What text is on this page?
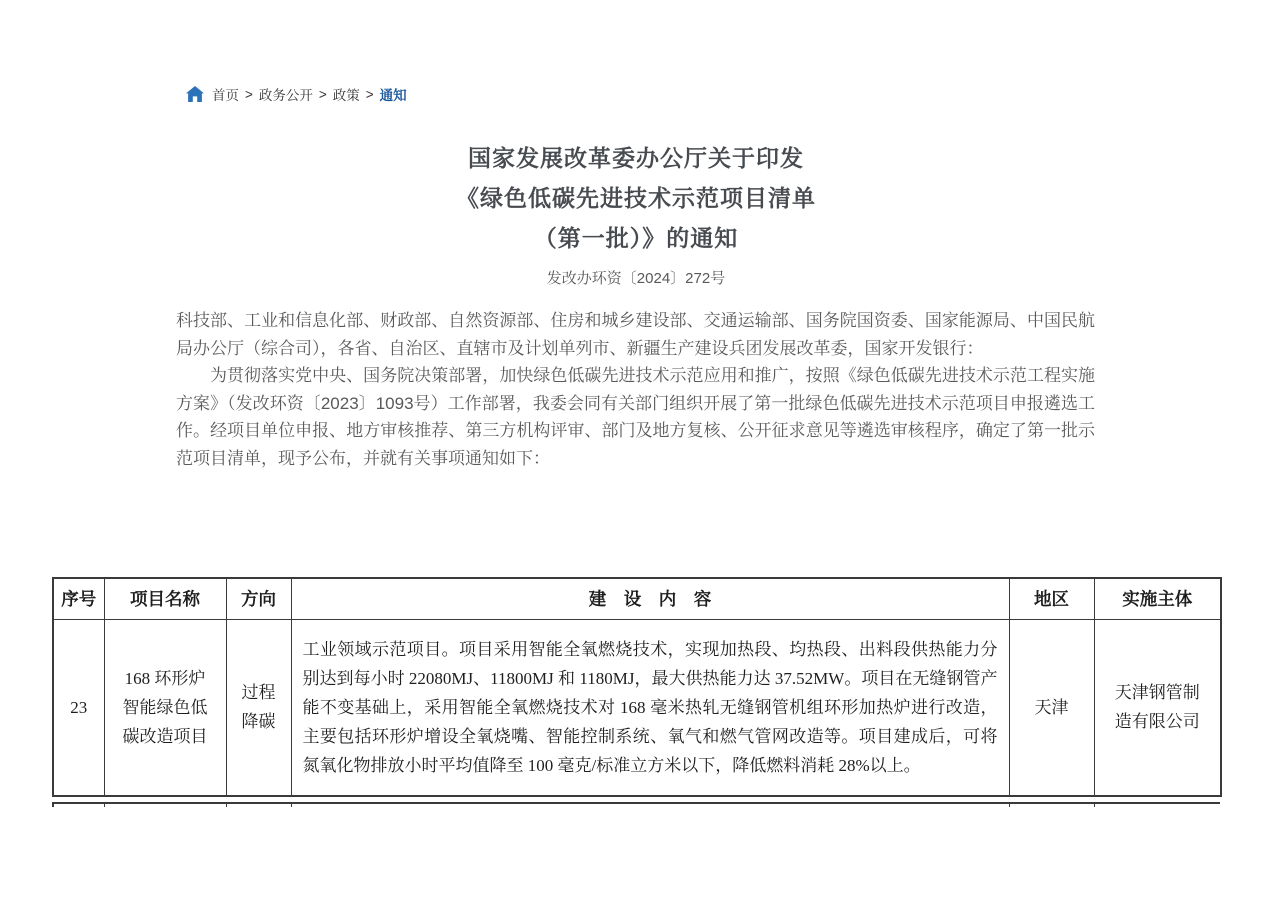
首页 > 政务公开 > 政策 > 通知
国家发展改革委办公厅关于印发
《绿色低碳先进技术示范项目清单
（第一批）》的通知
发改办环资〔2024〕272号

科技部、工业和信息化部、财政部、自然资源部、住房和城乡建设部、交通运输部、国务院国资委、国家能源局、中国民航局办公厅（综合司），各省、自治区、直辖市及计划单列市、新疆生产建设兵团发展改革委，国家开发银行：

为贯彻落实党中央、国务院决策部署，加快绿色低碳先进技术示范应用和推广，按照《绿色低碳先进技术示范工程实施方案》（发改环资〔2023〕1093号）工作部署，我委会同有关部门组织开展了第一批绿色低碳先进技术示范项目申报遴选工作。经项目单位申报、地方审核推荐、第三方机构评审、部门及地方复核、公开征求意见等遴选审核程序，确定了第一批示范项目清单，现予公布，并就有关事项通知如下：

序号	项目名称	方向	建　设　内　容	地区	实施主体
23	168 环形炉智能绿色低碳改造项目	过程降碳	工业领域示范项目。项目采用智能全氧燃烧技术，实现加热段、均热段、出料段供热能力分别达到每小时 22080MJ、11800MJ 和 1180MJ，最大供热能力达 37.52MW。项目在无缝钢管产能不变基础上，采用智能全氧燃烧技术对 168 毫米热轧无缝钢管机组环形加热炉进行改造，主要包括环形炉增设全氧烧嘴、智能控制系统、氧气和燃气管网改造等。项目建成后，可将氮氧化物排放小时平均值降至 100 毫克/标准立方米以下，降低燃料消耗 28%以上。	天津	天津钢管制造有限公司
